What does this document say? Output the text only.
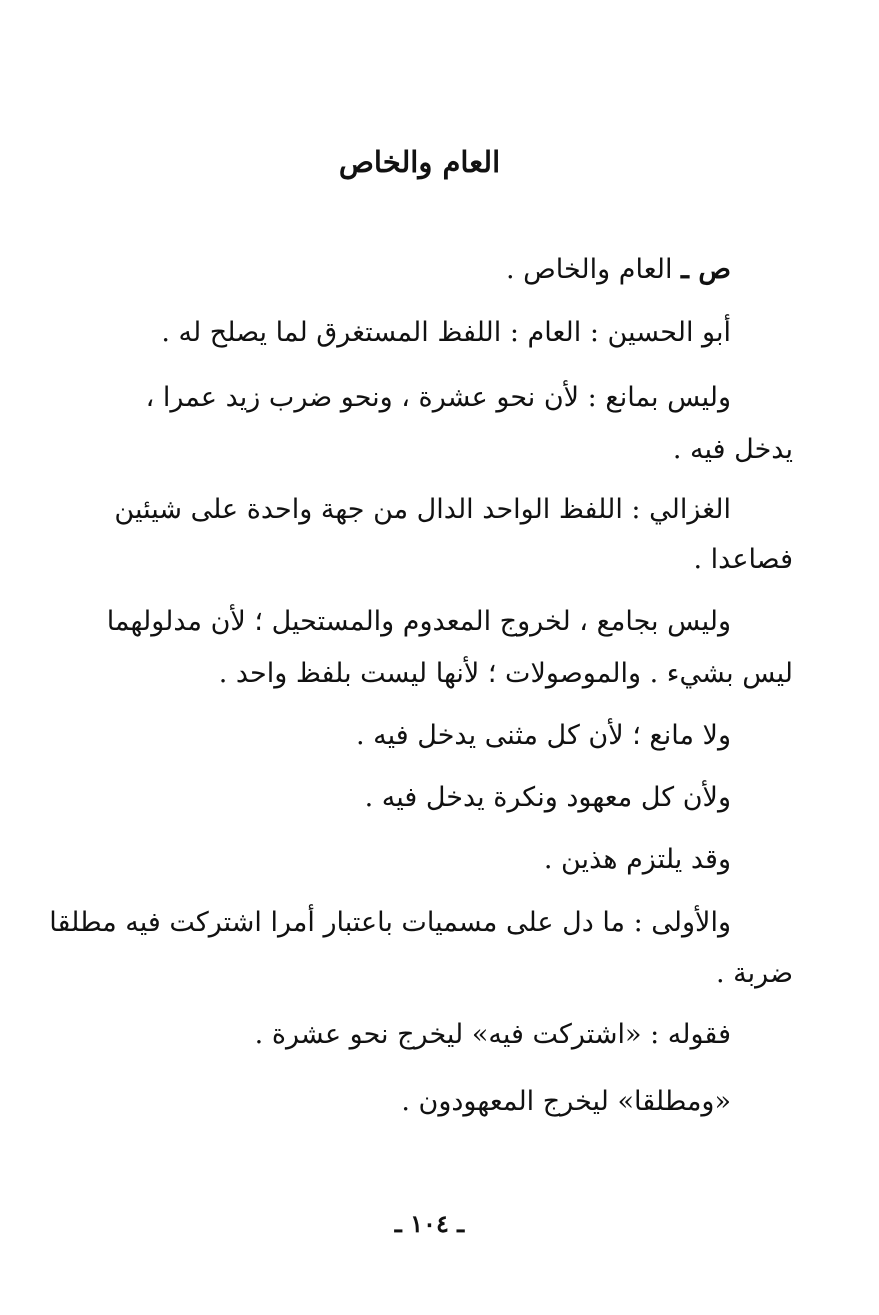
العام والخاص
ص ـ العام والخاص .
أبو الحسين : العام : اللفظ المستغرق لما يصلح له .
وليس بمانع : لأن نحو عشرة ، ونحو ضرب زيد عمرا ،
يدخل فيه .
الغزالي : اللفظ الواحد الدال من جهة واحدة على شيئين
فصاعدا .
وليس بجامع ، لخروج المعدوم والمستحيل ؛ لأن مدلولهما
ليس بشيء . والموصولات ؛ لأنها ليست بلفظ واحد .
ولا مانع ؛ لأن كل مثنى يدخل فيه .
ولأن كل معهود ونكرة يدخل فيه .
وقد يلتزم هذين .
والأولى : ما دل على مسميات باعتبار أمرا اشتركت فيه مطلقا
ضربة .
فقوله : «اشتركت فيه» ليخرج نحو عشرة .
«ومطلقا» ليخرج المعهودون .
ـ ١٠٤ ـ
